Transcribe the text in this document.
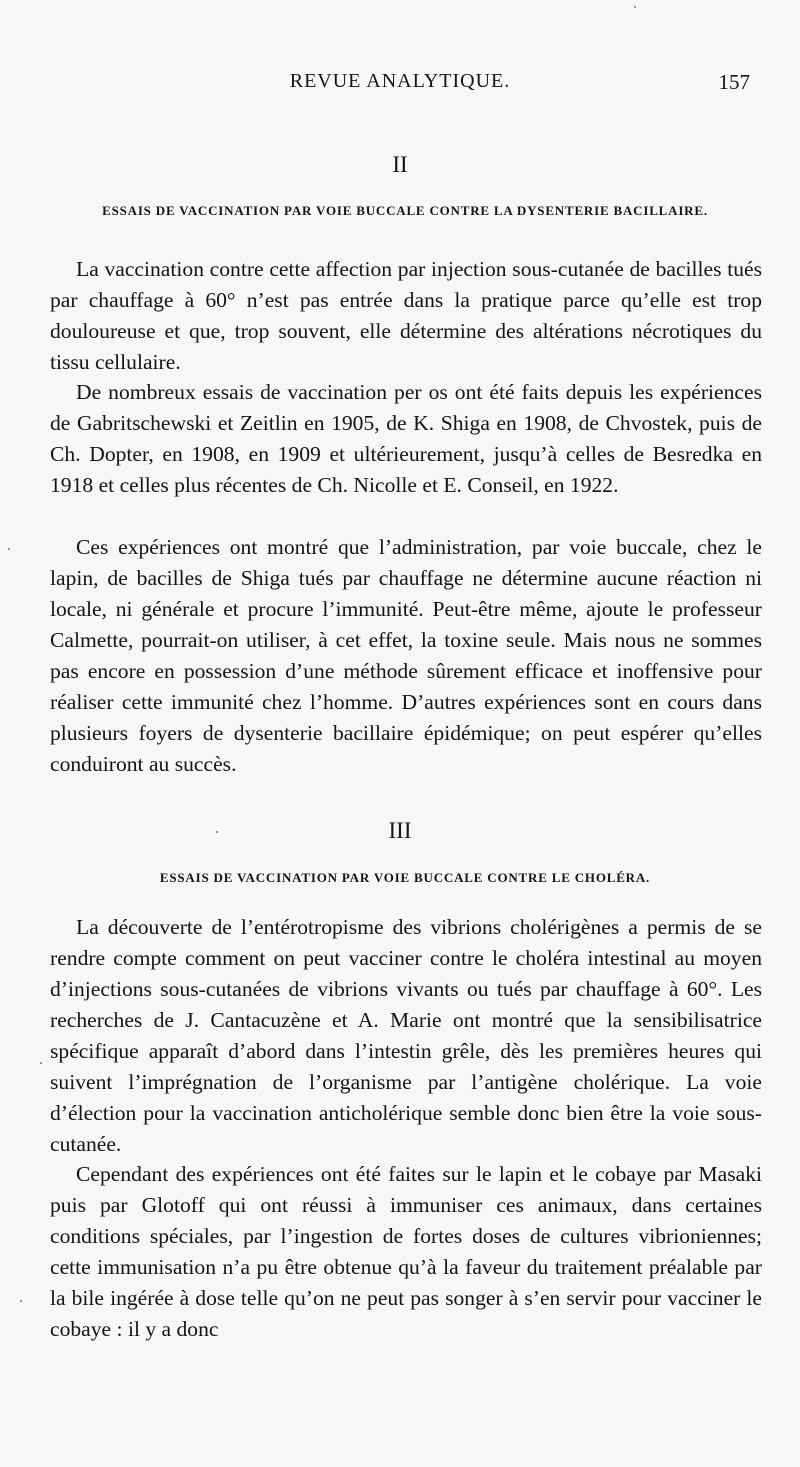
REVUE ANALYTIQUE.	157
II
ESSAIS DE VACCINATION PAR VOIE BUCCALE CONTRE LA DYSENTERIE BACILLAIRE.

La vaccination contre cette affection par injection sous-cutanée de bacilles tués par chauffage à 60° n’est pas entrée dans la pratique parce qu’elle est trop douloureuse et que, trop souvent, elle détermine des altérations nécrotiques du tissu cellulaire.

De nombreux essais de vaccination per os ont été faits depuis les expériences de Gabritschewski et Zeitlin en 1905, de K. Shiga en 1908, de Chvostek, puis de Ch. Dopter, en 1908, en 1909 et ultérieurement, jusqu’à celles de Besredka en 1918 et celles plus récentes de Ch. Nicolle et E. Conseil, en 1922.

Ces expériences ont montré que l’administration, par voie buccale, chez le lapin, de bacilles de Shiga tués par chauffage ne détermine aucune réaction ni locale, ni générale et procure l’immunité. Peut-être même, ajoute le professeur Calmette, pourrait-on utiliser, à cet effet, la toxine seule. Mais nous ne sommes pas encore en possession d’une méthode sûrement efficace et inoffensive pour réaliser cette immunité chez l’homme. D’autres expériences sont en cours dans plusieurs foyers de dysenterie bacillaire épidémique; on peut espérer qu’elles conduiront au succès.

III
ESSAIS DE VACCINATION PAR VOIE BUCCALE CONTRE LE CHOLÉRA.

La découverte de l’entérotropisme des vibrions cholérigènes a permis de se rendre compte comment on peut vacciner contre le choléra intestinal au moyen d’injections sous-cutanées de vibrions vivants ou tués par chauffage à 60°. Les recherches de J. Cantacuzène et A. Marie ont montré que la sensibilisatrice spécifique apparaît d’abord dans l’intestin grêle, dès les premières heures qui suivent l’imprégnation de l’organisme par l’antigène cholérique. La voie d’élection pour la vaccination anticholérique semble donc bien être la voie sous-cutanée.

Cependant des expériences ont été faites sur le lapin et le cobaye par Masaki puis par Glotoff qui ont réussi à immuniser ces animaux, dans certaines conditions spéciales, par l’ingestion de fortes doses de cultures vibrioniennes; cette immunisation n’a pu être obtenue qu’à la faveur du traitement préalable par la bile ingérée à dose telle qu’on ne peut pas songer à s’en servir pour vacciner le cobaye : il y a donc
